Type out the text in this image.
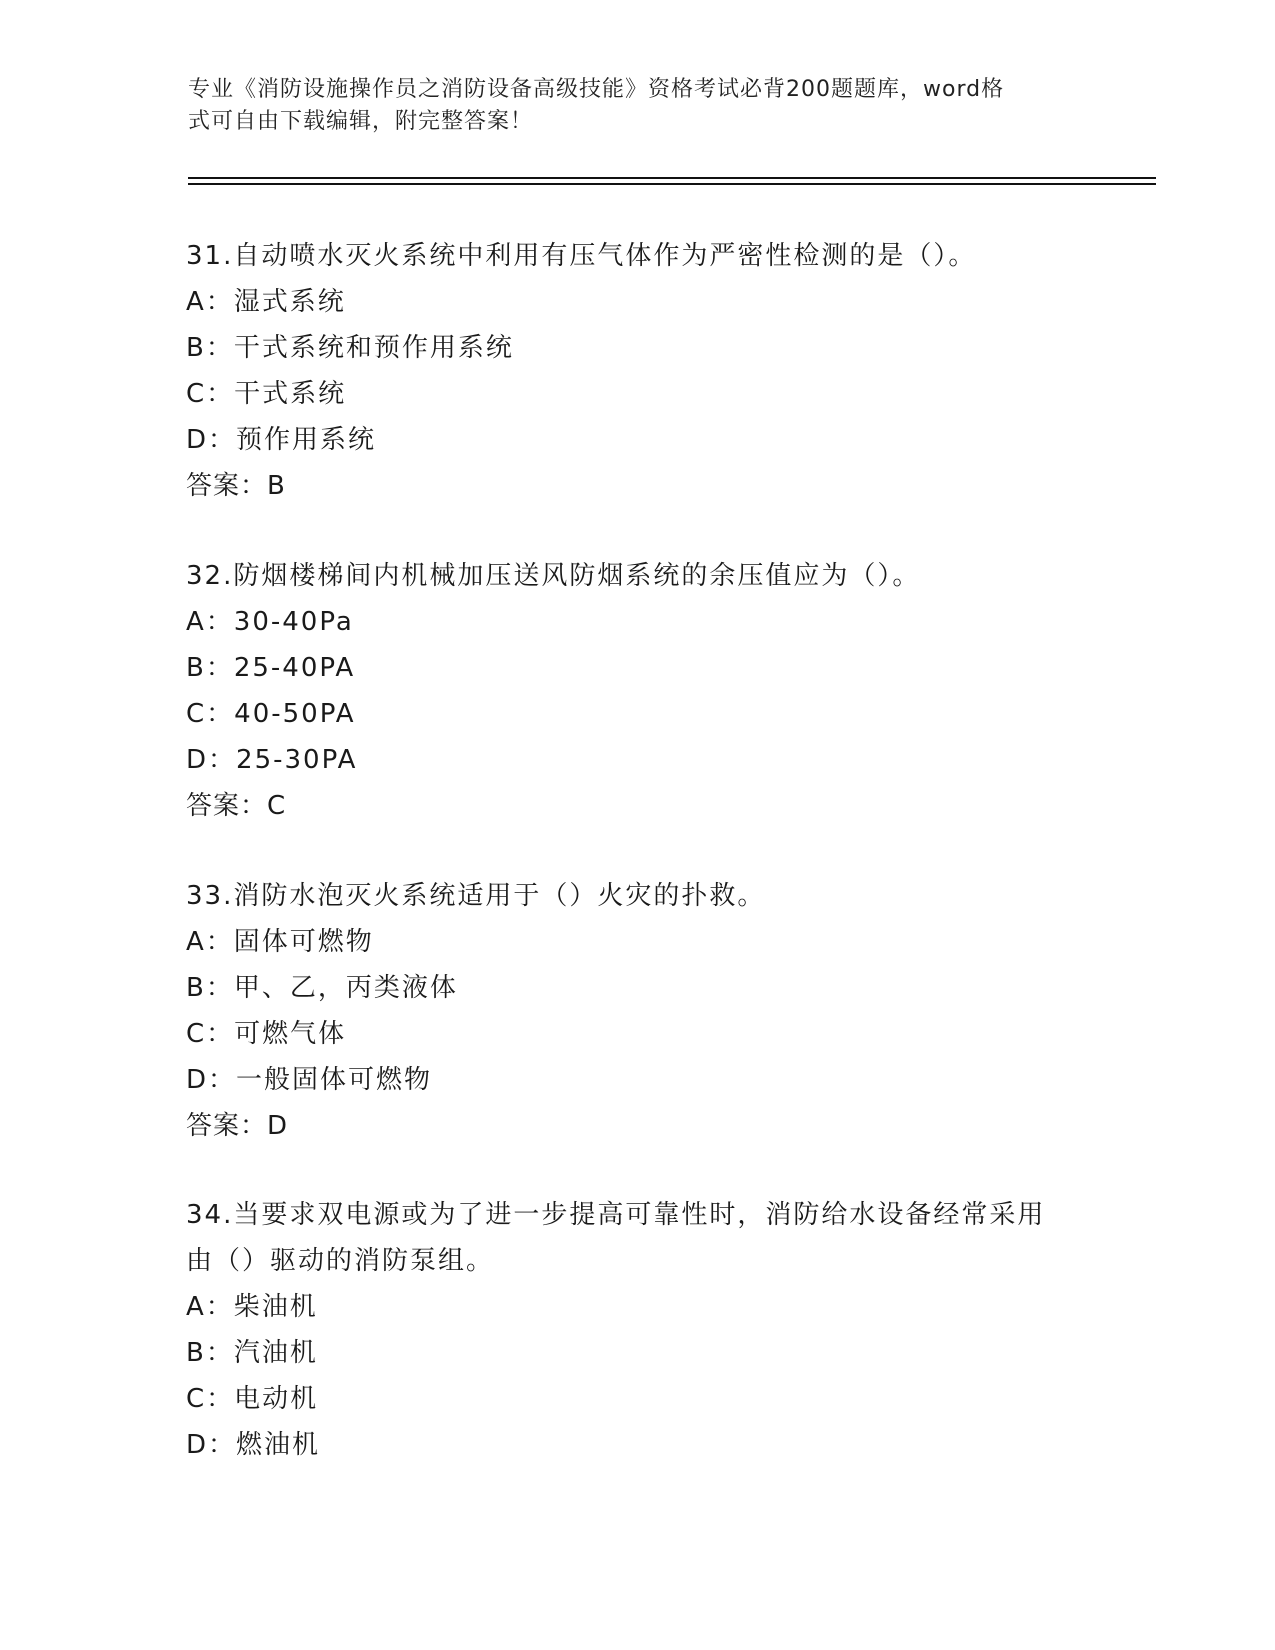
专业《消防设施操作员之消防设备高级技能》资格考试必背200题题库，word格
式可自由下载编辑，附完整答案！

31.自动喷水灭火系统中利用有压气体作为严密性检测的是（）。

A：湿式系统

B：干式系统和预作用系统

C：干式系统

D：预作用系统

答案：B

32.防烟楼梯间内机械加压送风防烟系统的余压值应为（）。

A：30-40Pa

B：25-40PA

C：40-50PA

D：25-30PA

答案：C

33.消防水泡灭火系统适用于（）火灾的扑救。

A：固体可燃物

B：甲、乙，丙类液体

C：可燃气体

D：一般固体可燃物

答案：D

34.当要求双电源或为了进一步提高可靠性时，消防给水设备经常采用

由（）驱动的消防泵组。

A：柴油机

B：汽油机

C：电动机

D：燃油机
